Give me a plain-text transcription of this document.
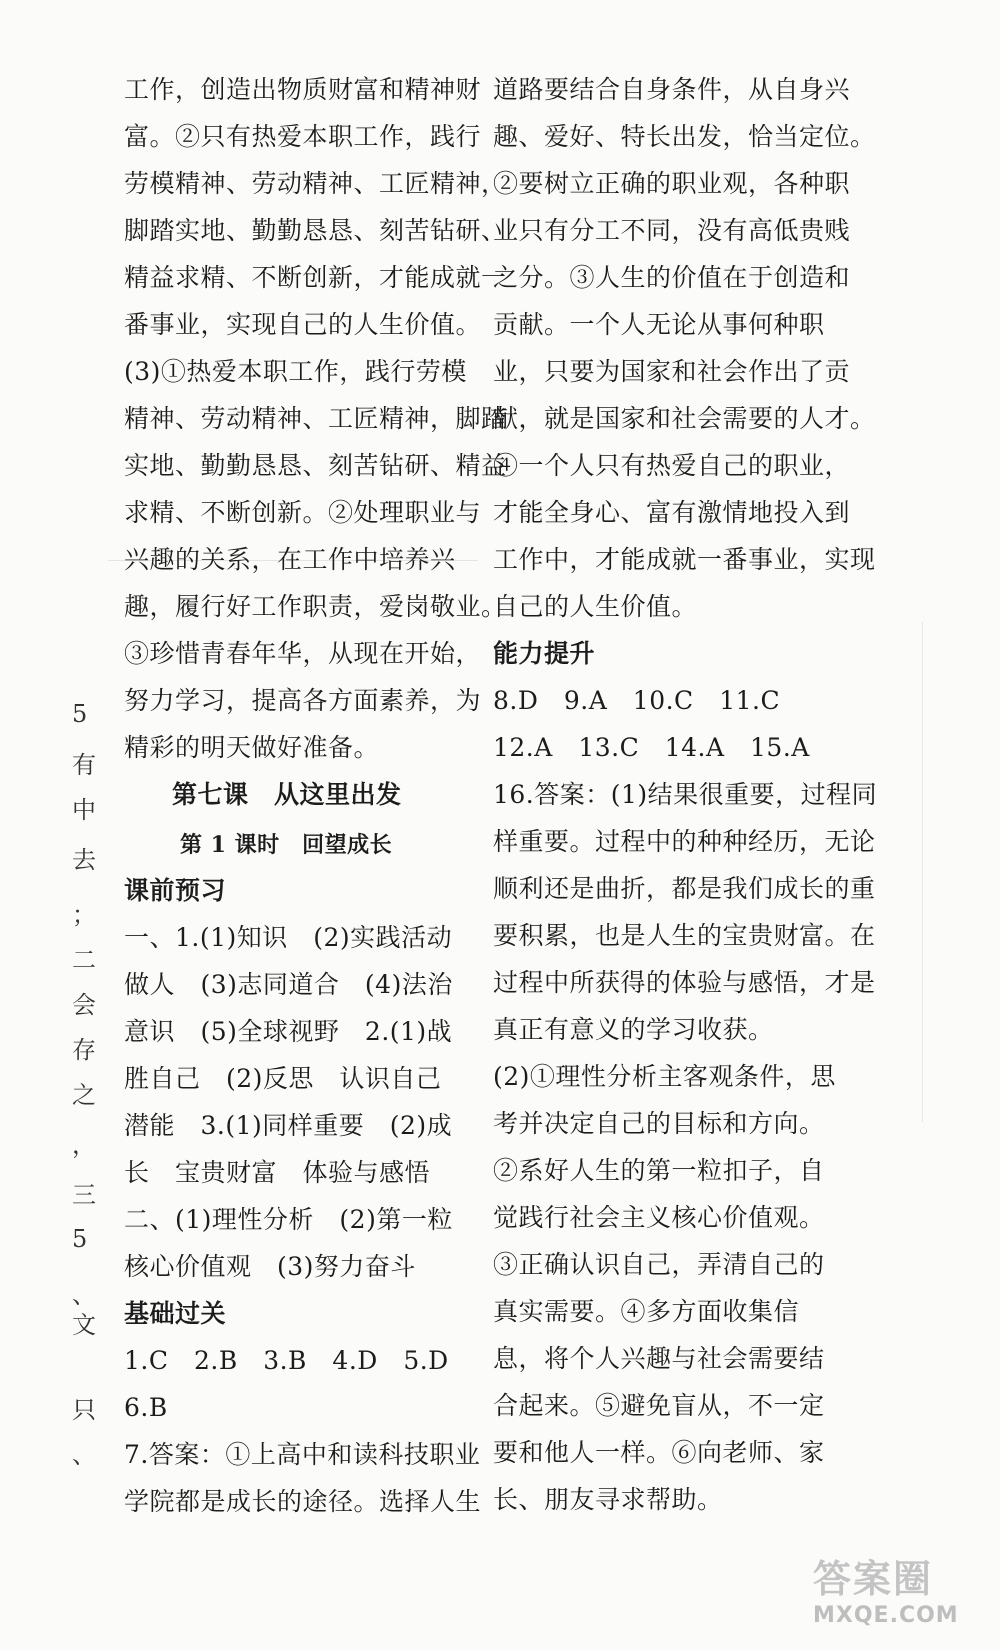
5
有
中
去
；
二
会
存
之
，
三
5
、
文
只
、
工作，创造出物质财富和精神财
富。②只有热爱本职工作，践行
劳模精神、劳动精神、工匠精神，
脚踏实地、勤勤恳恳、刻苦钻研、
精益求精、不断创新，才能成就一
番事业，实现自己的人生价值。
(3)①热爱本职工作，践行劳模
精神、劳动精神、工匠精神，脚踏
实地、勤勤恳恳、刻苦钻研、精益
求精、不断创新。②处理职业与
兴趣的关系，在工作中培养兴
趣，履行好工作职责，爱岗敬业。
③珍惜青春年华，从现在开始，
努力学习，提高各方面素养，为
精彩的明天做好准备。
第七课　从这里出发
第 1 课时　回望成长
课前预习
一、1.(1)知识　(2)实践活动
做人　(3)志同道合　(4)法治
意识　(5)全球视野　2.(1)战
胜自己　(2)反思　认识自己
潜能　3.(1)同样重要　(2)成
长　宝贵财富　体验与感悟
二、(1)理性分析　(2)第一粒
核心价值观　(3)努力奋斗
基础过关
1.C　2.B　3.B　4.D　5.D
6.B
7.答案：①上高中和读科技职业
学院都是成长的途径。选择人生
道路要结合自身条件，从自身兴
趣、爱好、特长出发，恰当定位。
②要树立正确的职业观，各种职
业只有分工不同，没有高低贵贱
之分。③人生的价值在于创造和
贡献。一个人无论从事何种职
业，只要为国家和社会作出了贡
献，就是国家和社会需要的人才。
④一个人只有热爱自己的职业，
才能全身心、富有激情地投入到
工作中，才能成就一番事业，实现
自己的人生价值。
能力提升
8.D　9.A　10.C　11.C
12.A　13.C　14.A　15.A
16.答案：(1)结果很重要，过程同
样重要。过程中的种种经历，无论
顺利还是曲折，都是我们成长的重
要积累，也是人生的宝贵财富。在
过程中所获得的体验与感悟，才是
真正有意义的学习收获。
(2)①理性分析主客观条件，思
考并决定自己的目标和方向。
②系好人生的第一粒扣子，自
觉践行社会主义核心价值观。
③正确认识自己，弄清自己的
真实需要。④多方面收集信
息，将个人兴趣与社会需要结
合起来。⑤避免盲从，不一定
要和他人一样。⑥向老师、家
长、朋友寻求帮助。
答案圈
MXQE.COM
